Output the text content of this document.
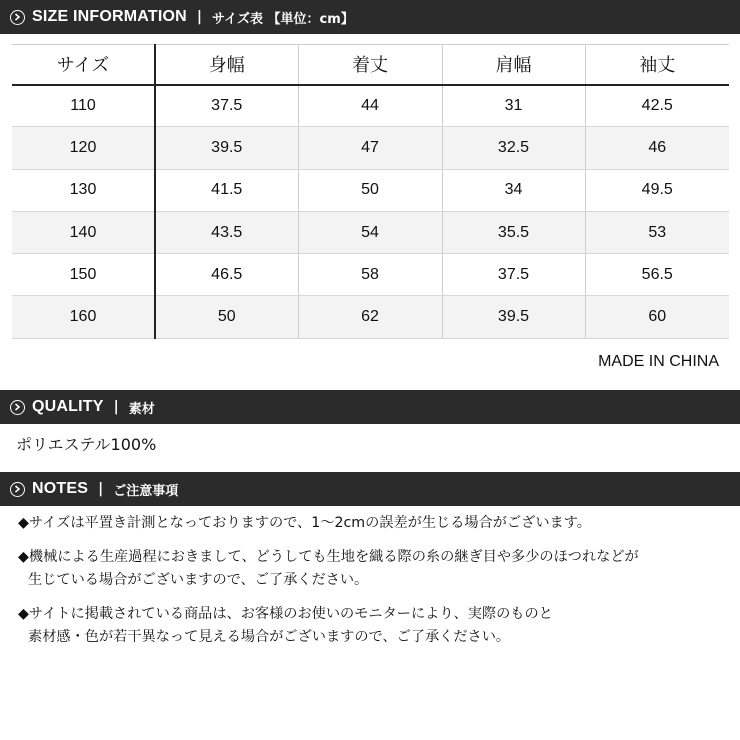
SIZE INFORMATION | サイズ表 【単位：cm】
サイズ	身幅	着丈	肩幅	袖丈
110	37.5	44	31	42.5
120	39.5	47	32.5	46
130	41.5	50	34	49.5
140	43.5	54	35.5	53
150	46.5	58	37.5	56.5
160	50	62	39.5	60
MADE IN CHINA
QUALITY | 素材
ポリエステル100%
NOTES | ご注意事項
◆サイズは平置き計測となっておりますので、1～2cmの誤差が生じる場合がございます。
◆機械による生産過程におきまして、どうしても生地を織る際の糸の継ぎ目や多少のほつれなどが
生じている場合がございますので、ご了承ください。
◆サイトに掲載されている商品は、お客様のお使いのモニターにより、実際のものと
素材感・色が若干異なって見える場合がございますので、ご了承ください。
